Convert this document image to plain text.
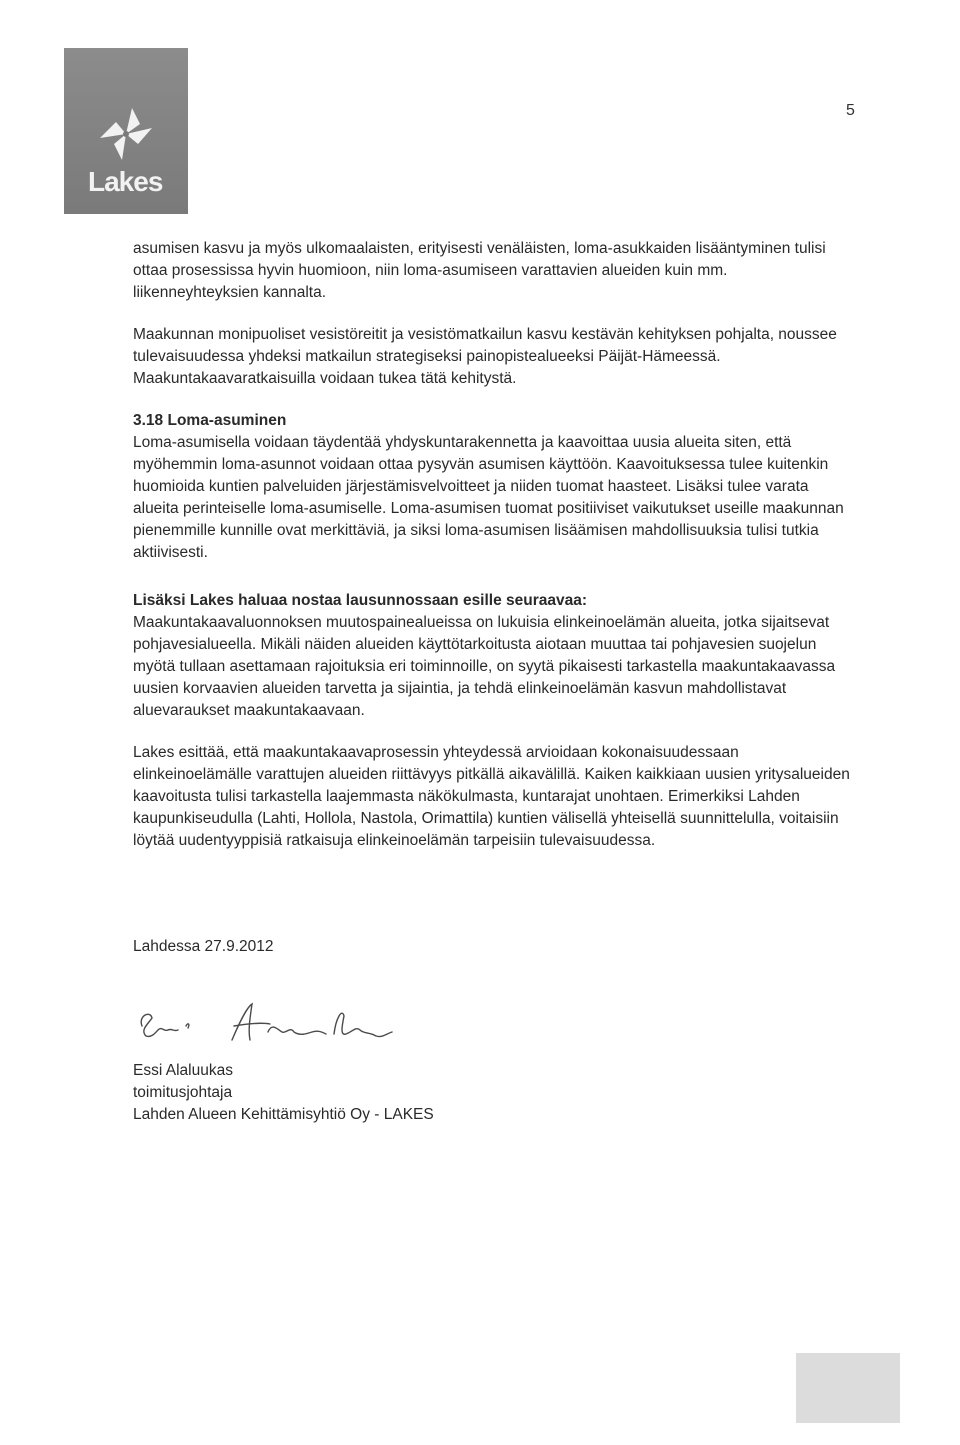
Lakes
5

asumisen kasvu ja myös ulkomaalaisten, erityisesti venäläisten, loma-asukkaiden lisääntyminen tulisi ottaa prosessissa hyvin huomioon, niin loma-asumiseen varattavien alueiden kuin mm. liikenneyhteyksien kannalta.

Maakunnan monipuoliset vesistöreitit ja vesistömatkailun kasvu kestävän kehityksen pohjalta, noussee tulevaisuudessa yhdeksi matkailun strategiseksi painopistealueeksi Päijät-Hämeessä. Maakuntakaavaratkaisuilla voidaan tukea tätä kehitystä.

3.18 Loma-asuminen

Loma-asumisella voidaan täydentää yhdyskuntarakennetta ja kaavoittaa uusia alueita siten, että myöhemmin loma-asunnot voidaan ottaa pysyvän asumisen käyttöön. Kaavoituksessa tulee kuitenkin huomioida kuntien palveluiden järjestämisvelvoitteet ja niiden tuomat haasteet. Lisäksi tulee varata alueita perinteiselle loma-asumiselle. Loma-asumisen tuomat positiiviset vaikutukset useille maakunnan pienemmille kunnille ovat merkittäviä, ja siksi loma-asumisen lisäämisen mahdollisuuksia tulisi tutkia aktiivisesti.

Lisäksi Lakes haluaa nostaa lausunnossaan esille seuraavaa:

Maakuntakaavaluonnoksen muutospainealueissa on lukuisia elinkeinoelämän alueita, jotka sijaitsevat pohjavesialueella. Mikäli näiden alueiden käyttötarkoitusta aiotaan muuttaa tai pohjavesien suojelun myötä tullaan asettamaan rajoituksia eri toiminnoille, on syytä pikaisesti tarkastella maakuntakaavassa uusien korvaavien alueiden tarvetta ja sijaintia, ja tehdä elinkeinoelämän kasvun mahdollistavat aluevaraukset maakuntakaavaan.

Lakes esittää, että maakuntakaavaprosessin yhteydessä arvioidaan kokonaisuudessaan elinkeinoelämälle varattujen alueiden riittävyys pitkällä aikavälillä. Kaiken kaikkiaan uusien yritysalueiden kaavoitusta tulisi tarkastella laajemmasta näkökulmasta, kuntarajat unohtaen. Erimerkiksi Lahden kaupunkiseudulla (Lahti, Hollola, Nastola, Orimattila) kuntien välisellä yhteisellä suunnittelulla, voitaisiin löytää uudentyyppisiä ratkaisuja elinkeinoelämän tarpeisiin tulevaisuudessa.

Lahdessa 27.9.2012
Essi Alaluukas
toimitusjohtaja
Lahden Alueen Kehittämisyhtiö Oy - LAKES
